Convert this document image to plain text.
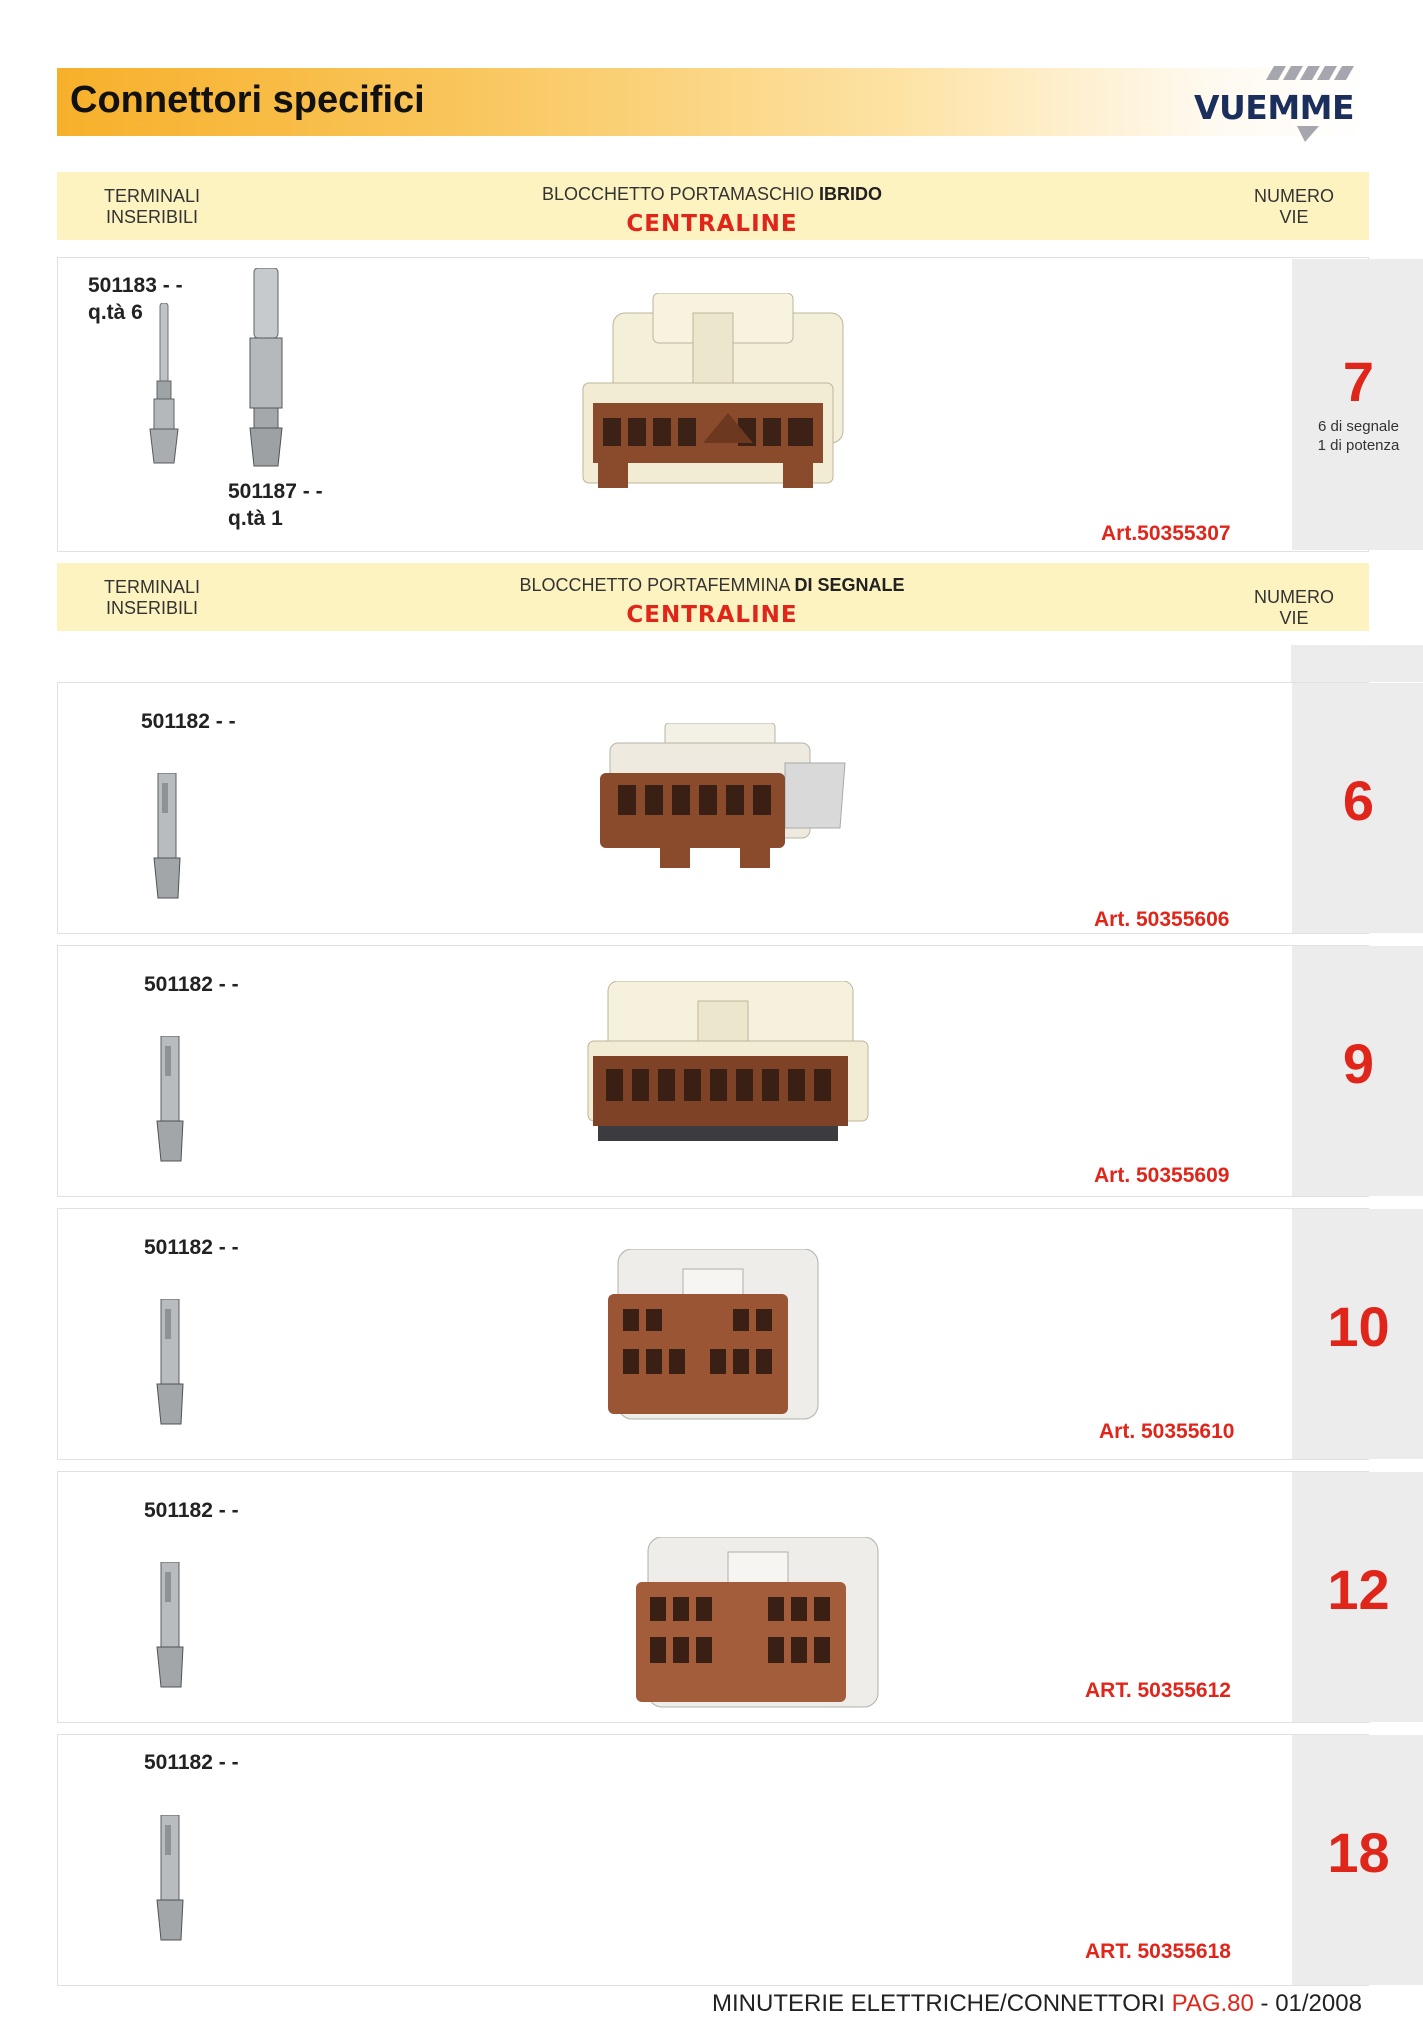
Connettori specifici	VUEMME
TERMINALI
INSERIBILI
BLOCCHETTO PORTAMASCHIO IBRIDO
CENTRALINE
NUMERO
VIE
501183 - -
q.tà 6
501187 - -
q.tà 1
Art.50355307
7
6 di segnale
1 di potenza
TERMINALI
INSERIBILI
BLOCCHETTO PORTAFEMMINA DI SEGNALE
CENTRALINE
NUMERO
VIE
501182 - -
Art. 50355606
6
501182 - -
Art. 50355609
9
501182 - -
Art. 50355610
10
501182 - -
ART. 50355612
12
501182 - -
ART. 50355618
18
MINUTERIE ELETTRICHE/CONNETTORI PAG.80 - 01/2008
